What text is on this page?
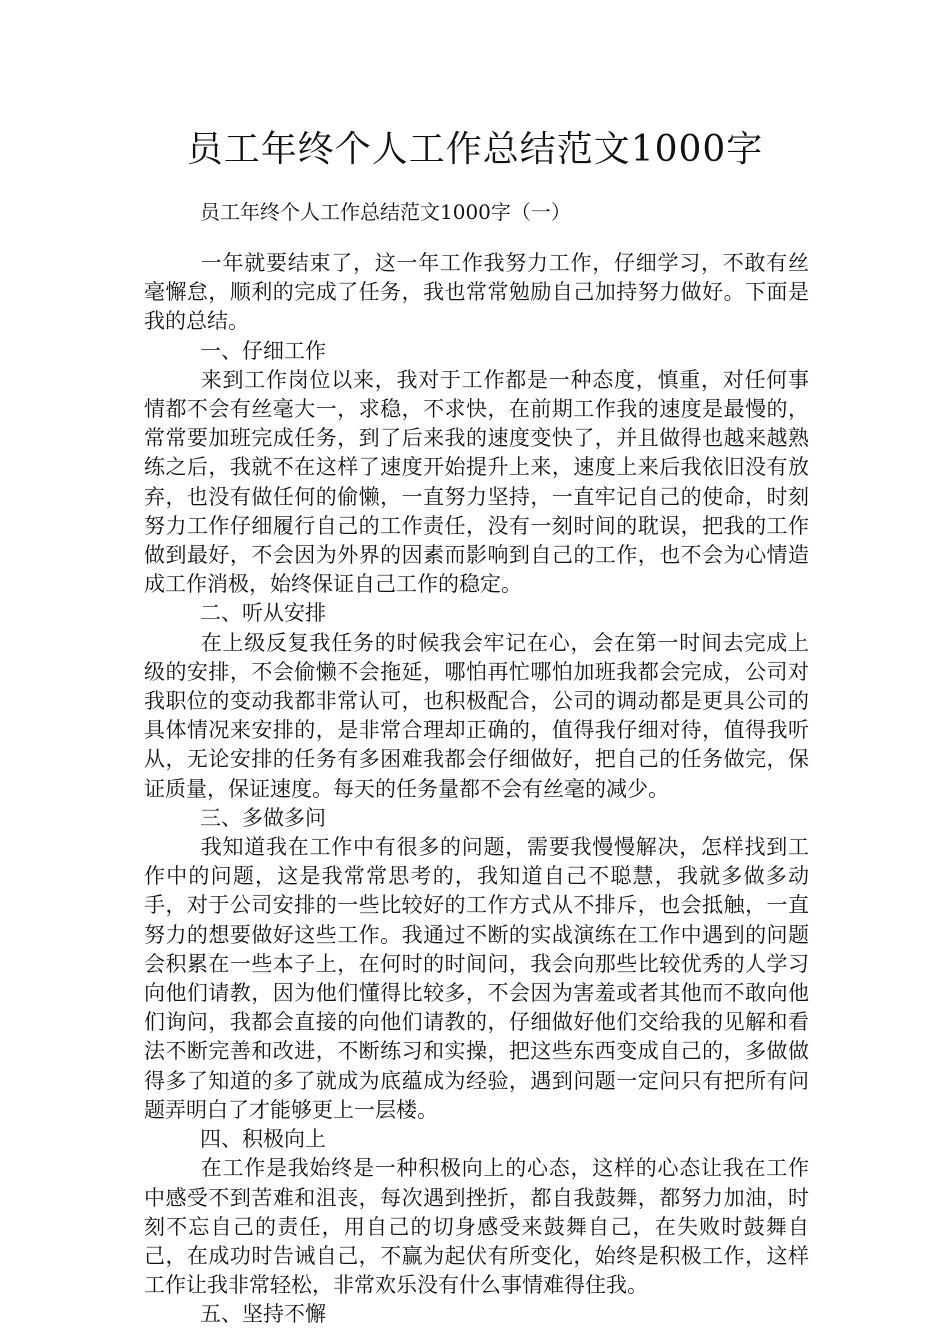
员工年终个人工作总结范文1000字

员工年终个人工作总结范文1000字（一）

一年就要结束了，这一年工作我努力工作，仔细学习，不敢有丝毫懈怠，顺利的完成了任务，我也常常勉励自己加持努力做好。下面是我的总结。

一、仔细工作

来到工作岗位以来，我对于工作都是一种态度，慎重，对任何事情都不会有丝毫大一，求稳，不求快，在前期工作我的速度是最慢的，常常要加班完成任务，到了后来我的速度变快了，并且做得也越来越熟练之后，我就不在这样了速度开始提升上来，速度上来后我依旧没有放弃，也没有做任何的偷懒，一直努力坚持，一直牢记自己的使命，时刻努力工作仔细履行自己的工作责任，没有一刻时间的耽误，把我的工作做到最好，不会因为外界的因素而影响到自己的工作，也不会为心情造成工作消极，始终保证自己工作的稳定。

二、听从安排

在上级反复我任务的时候我会牢记在心，会在第一时间去完成上级的安排，不会偷懒不会拖延，哪怕再忙哪怕加班我都会完成，公司对我职位的变动我都非常认可，也积极配合，公司的调动都是更具公司的具体情况来安排的，是非常合理却正确的，值得我仔细对待，值得我听从，无论安排的任务有多困难我都会仔细做好，把自己的任务做完，保证质量，保证速度。每天的任务量都不会有丝毫的减少。

三、多做多问

我知道我在工作中有很多的问题，需要我慢慢解决，怎样找到工作中的问题，这是我常常思考的，我知道自己不聪慧，我就多做多动手，对于公司安排的一些比较好的工作方式从不排斥，也会抵触，一直努力的想要做好这些工作。我通过不断的实战演练在工作中遇到的问题会积累在一些本子上，在何时的时间问，我会向那些比较优秀的人学习向他们请教，因为他们懂得比较多，不会因为害羞或者其他而不敢向他们询问，我都会直接的向他们请教的，仔细做好他们交给我的见解和看法不断完善和改进，不断练习和实操，把这些东西变成自己的，多做做得多了知道的多了就成为底蕴成为经验，遇到问题一定问只有把所有问题弄明白了才能够更上一层楼。

四、积极向上

在工作是我始终是一种积极向上的心态，这样的心态让我在工作中感受不到苦难和沮丧，每次遇到挫折，都自我鼓舞，都努力加油，时刻不忘自己的责任，用自己的切身感受来鼓舞自己，在失败时鼓舞自己，在成功时告诫自己，不赢为起伏有所变化，始终是积极工作，这样工作让我非常轻松，非常欢乐没有什么事情难得住我。

五、坚持不懈
